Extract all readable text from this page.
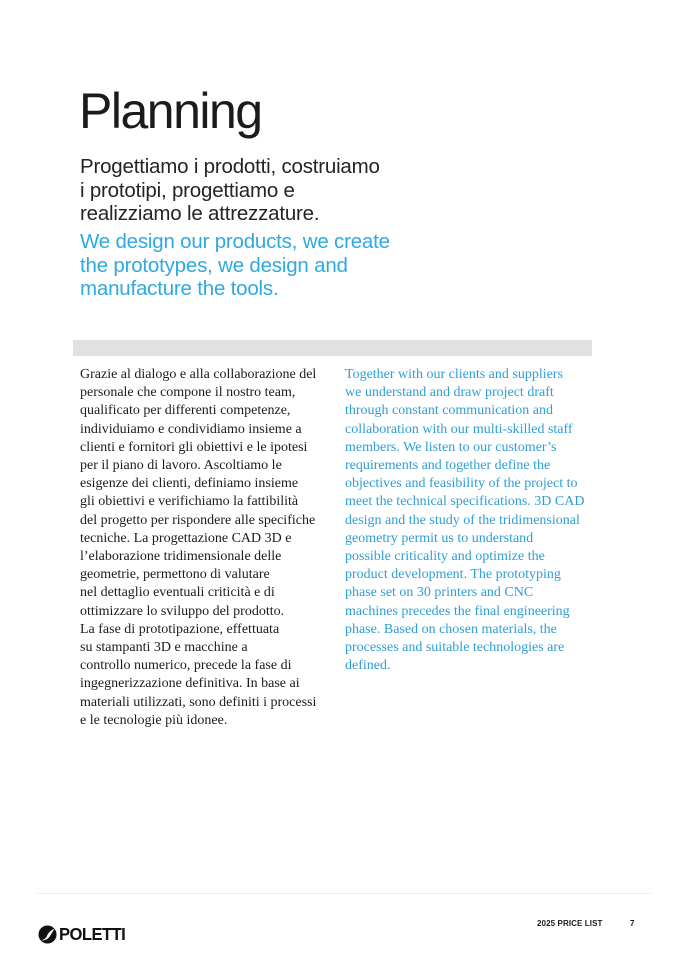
Planning

Progettiamo i prodotti, costruiamo
i prototipi, progettiamo e
realizziamo le attrezzature.

We design our products, we create
the prototypes, we design and
manufacture the tools.

Grazie al dialogo e alla collaborazione del
personale che compone il nostro team,
qualificato per differenti competenze,
individuiamo e condividiamo insieme a
clienti e fornitori gli obiettivi e le ipotesi
per il piano di lavoro. Ascoltiamo le
esigenze dei clienti, definiamo insieme
gli obiettivi e verifichiamo la fattibilità
del progetto per rispondere alle specifiche
tecniche. La progettazione CAD 3D e
l’elaborazione tridimensionale delle
geometrie, permettono di valutare
nel dettaglio eventuali criticità e di
ottimizzare lo sviluppo del prodotto.
La fase di prototipazione, effettuata
su stampanti 3D e macchine a
controllo numerico, precede la fase di
ingegnerizzazione definitiva. In base ai
materiali utilizzati, sono definiti i processi
e le tecnologie più idonee.

Together with our clients and suppliers
we understand and draw project draft
through constant communication and
collaboration with our multi-skilled staff
members. We listen to our customer’s
requirements and together define the
objectives and feasibility of the project to
meet the technical specifications. 3D CAD
design and the study of the tridimensional
geometry permit us to understand
possible criticality and optimize the
product development. The prototyping
phase set on 30 printers and CNC
machines precedes the final engineering
phase. Based on chosen materials, the
processes and suitable technologies are
defined.

POLETTI
2025 PRICE LIST	7
